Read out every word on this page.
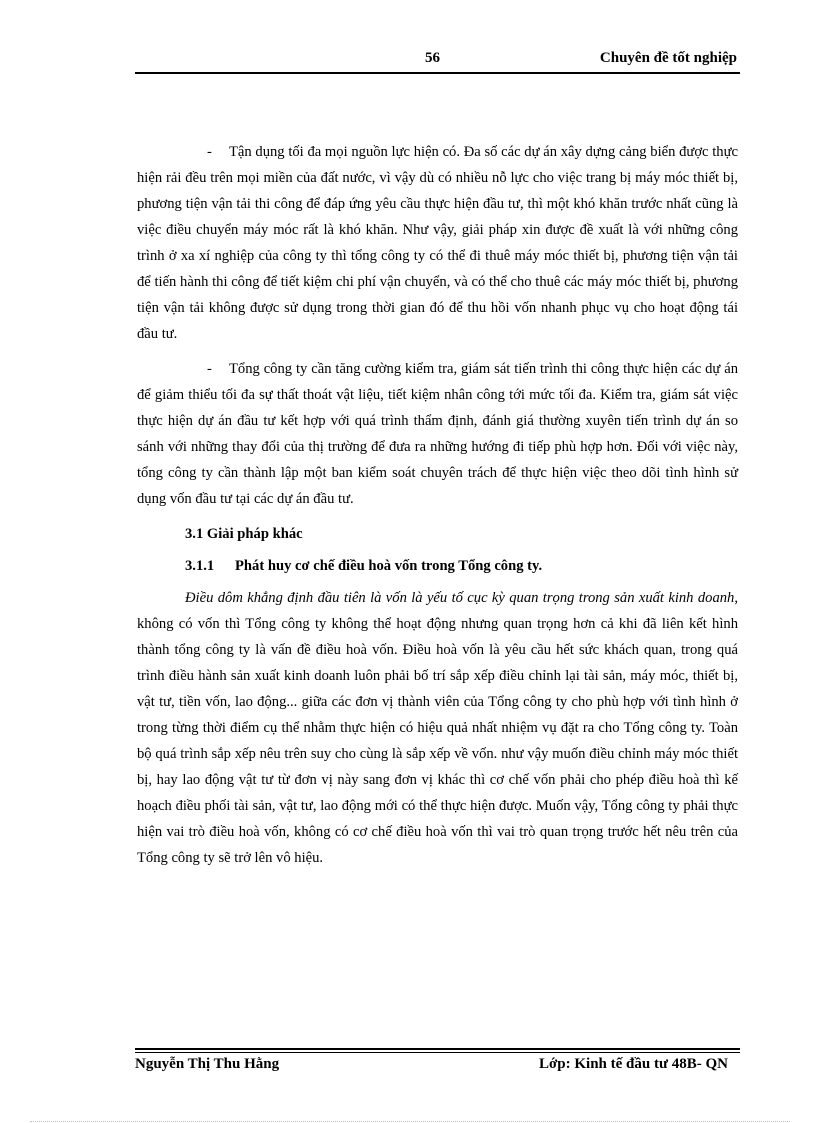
56	Chuyên đề tốt nghiệp

- Tận dụng tối đa mọi nguồn lực hiện có. Đa số các dự án xây dựng cảng biển được thực hiện rải đều trên mọi miền của đất nước, vì vậy dù có nhiều nỗ lực cho việc trang bị máy móc thiết bị, phương tiện vận tải thi công để đáp ứng yêu cầu thực hiện đầu tư, thì một khó khăn trước nhất cũng là việc điều chuyển máy móc rất là khó khăn. Như vậy, giải pháp xin được đề xuất là với những công trình ở xa xí nghiệp của công ty thì tổng công ty có thể đi thuê máy móc thiết bị, phương tiện vận tải để tiến hành thi công để tiết kiệm chi phí vận chuyển, và có thể cho thuê các máy móc thiết bị, phương tiện vận tải không được sử dụng trong thời gian đó để thu hồi vốn nhanh phục vụ cho hoạt động tái đầu tư.

- Tổng công ty cần tăng cường kiểm tra, giám sát tiến trình thi công thực hiện các dự án để giảm thiểu tối đa sự thất thoát vật liệu, tiết kiệm nhân công tới mức tối đa. Kiểm tra, giám sát việc thực hiện dự án đầu tư kết hợp với quá trình thẩm định, đánh giá thường xuyên tiến trình dự án so sánh với những thay đổi của thị trường để đưa ra những hướng đi tiếp phù hợp hơn. Đối với việc này, tổng công ty cần thành lập một ban kiểm soát chuyên trách để thực hiện việc theo dõi tình hình sử dụng vốn đầu tư tại các dự án đầu tư.

3.1 Giải pháp khác

3.1.1 Phát huy cơ chế điều hoà vốn trong Tổng công ty.

Điều dôm khẳng định đầu tiên là vốn là yếu tố cục kỳ quan trọng trong sản xuất kinh doanh, không có vốn thì Tổng công ty không thể hoạt động nhưng quan trọng hơn cả khi đã liên kết hình thành tổng công ty là vấn đề điều hoà vốn. Điều hoà vốn là yêu cầu hết sức khách quan, trong quá trình điều hành sản xuất kinh doanh luôn phải bố trí sắp xếp điều chỉnh lại tài sản, máy móc, thiết bị, vật tư, tiền vốn, lao động... giữa các đơn vị thành viên của Tổng công ty cho phù hợp với tình hình ở trong từng thời điểm cụ thể nhằm thực hiện có hiệu quả nhất nhiệm vụ đặt ra cho Tổng công ty. Toàn bộ quá trình sắp xếp nêu trên suy cho cùng là sắp xếp về vốn. như vậy muốn điều chỉnh máy móc thiết bị, hay lao động vật tư từ đơn vị này sang đơn vị khác thì cơ chế vốn phải cho phép điều hoà thì kế hoạch điều phối tài sản, vật tư, lao động mới có thể thực hiện được. Muốn vậy, Tổng công ty phải thực hiện vai trò điều hoà vốn, không có cơ chế điều hoà vốn thì vai trò quan trọng trước hết nêu trên của Tổng công ty sẽ trở lên vô hiệu.

Nguyễn Thị Thu Hằng	Lớp: Kinh tế đầu tư 48B- QN
